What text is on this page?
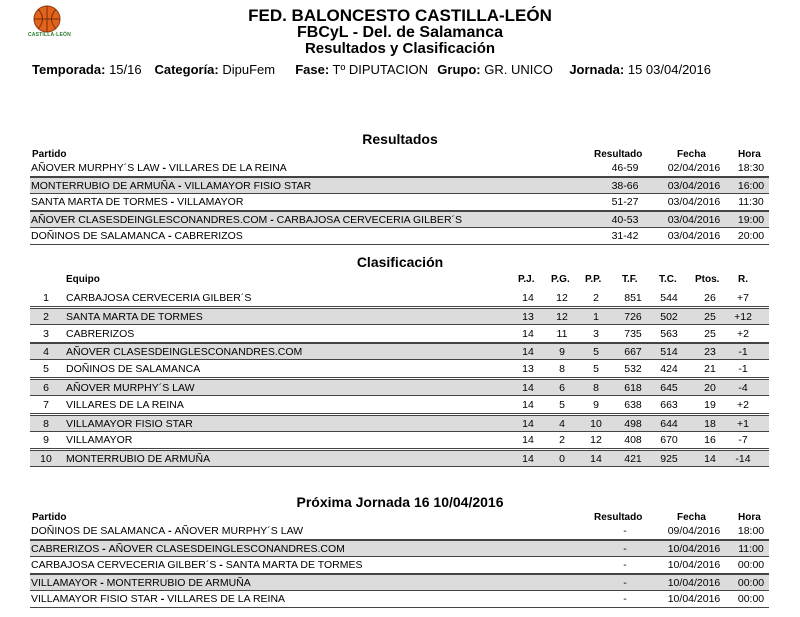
CASTILLA·LEÓN
FED. BALONCESTO CASTILLA-LEÓN
FBCyL - Del. de Salamanca
Resultados y Clasificación
Temporada: 15/16 Categoría: DipuFem Fase: Tº DIPUTACION Grupo: GR. UNICO Jornada: 15 03/04/2016
Resultados
Partido	Resultado	Fecha	Hora
AÑOVER MURPHY´S LAW - VILLARES DE LA REINA	46-59	02/04/2016	18:30
MONTERRUBIO DE ARMUÑA - VILLAMAYOR FISIO STAR	38-66	03/04/2016	16:00
SANTA MARTA DE TORMES - VILLAMAYOR	51-27	03/04/2016	11:30
AÑOVER CLASESDEINGLESCONANDRES.COM - CARBAJOSA CERVECERIA GILBER´S	40-53	03/04/2016	19:00
DOÑINOS DE SALAMANCA - CABRERIZOS	31-42	03/04/2016	20:00
Clasificación
Equipo	P.J. P.G. P.P. T.F. T.C. Ptos. R.
1	CARBAJOSA CERVECERIA GILBER´S	14	12	2	851	544	26	+7
2	SANTA MARTA DE TORMES	13	12	1	726	502	25	+12
3	CABRERIZOS	14	11	3	735	563	25	+2
4	AÑOVER CLASESDEINGLESCONANDRES.COM	14	9	5	667	514	23	-1
5	DOÑINOS DE SALAMANCA	13	8	5	532	424	21	-1
6	AÑOVER MURPHY´S LAW	14	6	8	618	645	20	-4
7	VILLARES DE LA REINA	14	5	9	638	663	19	+2
8	VILLAMAYOR FISIO STAR	14	4	10	498	644	18	+1
9	VILLAMAYOR	14	2	12	408	670	16	-7
10	MONTERRUBIO DE ARMUÑA	14	0	14	421	925	14	-14
Próxima Jornada 16 10/04/2016
Partido	Resultado	Fecha	Hora
DOÑINOS DE SALAMANCA - AÑOVER MURPHY´S LAW	-	09/04/2016	18:00
CABRERIZOS - AÑOVER CLASESDEINGLESCONANDRES.COM	-	10/04/2016	11:00
CARBAJOSA CERVECERIA GILBER´S - SANTA MARTA DE TORMES	-	10/04/2016	00:00
VILLAMAYOR - MONTERRUBIO DE ARMUÑA	-	10/04/2016	00:00
VILLAMAYOR FISIO STAR - VILLARES DE LA REINA	-	10/04/2016	00:00
